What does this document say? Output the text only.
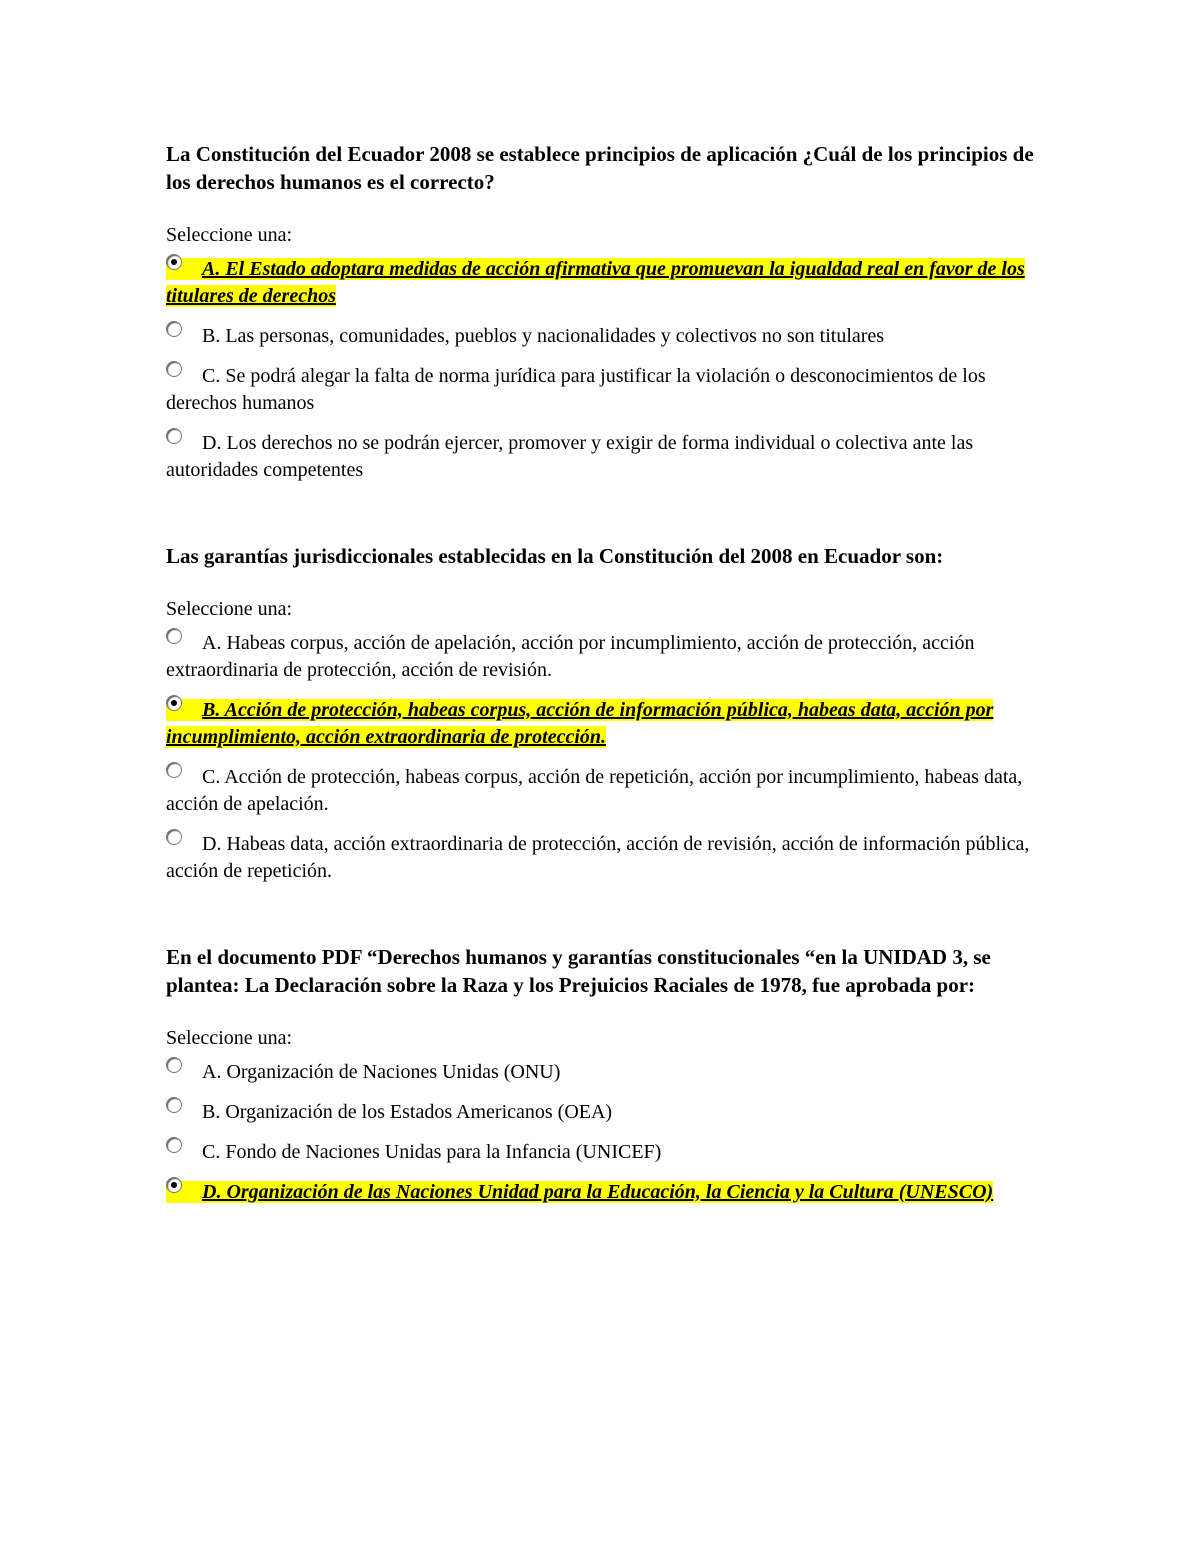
La Constitución del Ecuador 2008 se establece principios de aplicación ¿Cuál de los principios de los derechos humanos es el correcto?

Seleccione una:

A. El Estado adoptara medidas de acción afirmativa que promuevan la igualdad real en favor de los titulares de derechos
B. Las personas, comunidades, pueblos y nacionalidades y colectivos no son titulares
C. Se podrá alegar la falta de norma jurídica para justificar la violación o desconocimientos de los derechos humanos
D. Los derechos no se podrán ejercer, promover y exigir de forma individual o colectiva ante las autoridades competentes

Las garantías jurisdiccionales establecidas en la Constitución del 2008 en Ecuador son:

Seleccione una:

A. Habeas corpus, acción de apelación, acción por incumplimiento, acción de protección, acción extraordinaria de protección, acción de revisión.
B. Acción de protección, habeas corpus, acción de información pública, habeas data, acción por incumplimiento, acción extraordinaria de protección.
C. Acción de protección, habeas corpus, acción de repetición, acción por incumplimiento, habeas data, acción de apelación.
D. Habeas data, acción extraordinaria de protección, acción de revisión, acción de información pública, acción de repetición.

En el documento PDF “Derechos humanos y garantías constitucionales “en la UNIDAD 3, se plantea: La Declaración sobre la Raza y los Prejuicios Raciales de 1978, fue aprobada por:

Seleccione una:

A. Organización de Naciones Unidas (ONU)
B. Organización de los Estados Americanos (OEA)
C. Fondo de Naciones Unidas para la Infancia (UNICEF)
D. Organización de las Naciones Unidad para la Educación, la Ciencia y la Cultura (UNESCO)
